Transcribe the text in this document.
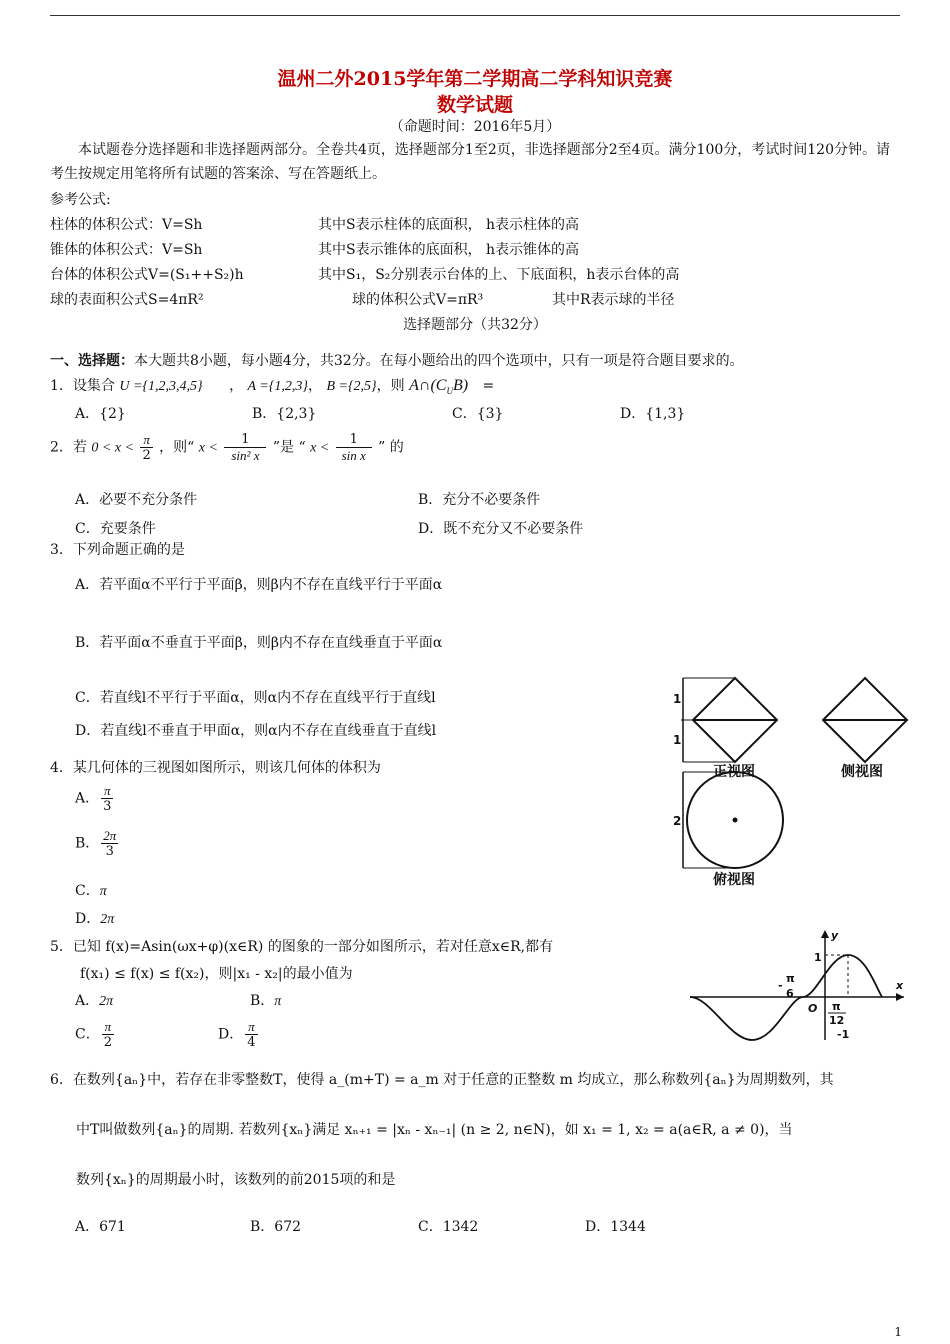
温州二外2015学年第二学期高二学科知识竞赛
数学试题
（命题时间：2016年5月）
本试题卷分选择题和非选择题两部分。全卷共4页，选择题部分1至2页，非选择题部分2至4页。满分100分，考试时间120分钟。请考生按规定用笔将所有试题的答案涂、写在答题纸上。
参考公式:
柱体的体积公式：V=Sh	其中S表示柱体的底面积， h表示柱体的高
锥体的体积公式：V=Sh	其中S表示锥体的底面积， h表示锥体的高
台体的体积公式V=(S₁++S₂)h	其中S₁，S₂分别表示台体的上、下底面积，h表示台体的高
球的表面积公式S=4πR²	球的体积公式V=πR³	其中R表示球的半径
选择题部分（共32分）
一、选择题：本大题共8小题，每小题4分，共32分。在每小题给出的四个选项中，只有一项是符合题目要求的。
1．设集合 U ={1,2,3,4,5} ， A ={1,2,3}， B ={2,5}，则 $A\cap(C_UB)$ =
A．{2}	B．{2,3}	C．{3}	D．{1,3}
2．若 $0 < x < \frac{\pi}{2}$ ，则“ $x < \frac{1}{\text{sin² x}}$ ”是 “ $x < \frac{1}{\text{sin x}}$ ” 的
A．必要不充分条件	B．充分不必要条件
C．充要条件	D．既不充分又不必要条件
3．下列命题正确的是
A．若平面α不平行于平面β，则β内不存在直线平行于平面α
B．若平面α不垂直于平面β，则β内不存在直线垂直于平面α
C．若直线l不平行于平面α，则α内不存在直线平行于直线l
D．若直线l不垂直于甲面α，则α内不存在直线垂直于直线l
1
1
2
正视图	侧视图
俯视图
4．某几何体的三视图如图所示，则该几何体的体积为
A． $\frac{\pi}{3}$
B． $\frac{2\pi}{3}$
C．π
D．2π
5．已知 f(x)=Asin(ωx+φ)(x∈R) 的图象的一部分如图所示，若对任意x∈R,都有
f(x₁) ≤ f(x) ≤ f(x₂)，则|x₁ - x₂|的最小值为
A．2π	B．π
C． $\frac{\pi}{2}$	D． $\frac{\pi}{4}$
y
x
O
1
-1
-
π
6
π
12
6．在数列{aₙ}中，若存在非零整数T，使得 a_(m+T) = a_m 对于任意的正整数 m 均成立，那么称数列{aₙ}为周期数列，其
中T叫做数列{aₙ}的周期. 若数列{xₙ}满足 xₙ₊₁ = |xₙ - xₙ₋₁| (n ≥ 2, n∈N)，如 x₁ = 1, x₂ = a(a∈R, a ≠ 0)，当
数列{xₙ}的周期最小时，该数列的前2015项的和是
A．671	B．672	C．1342	D．1344
1
